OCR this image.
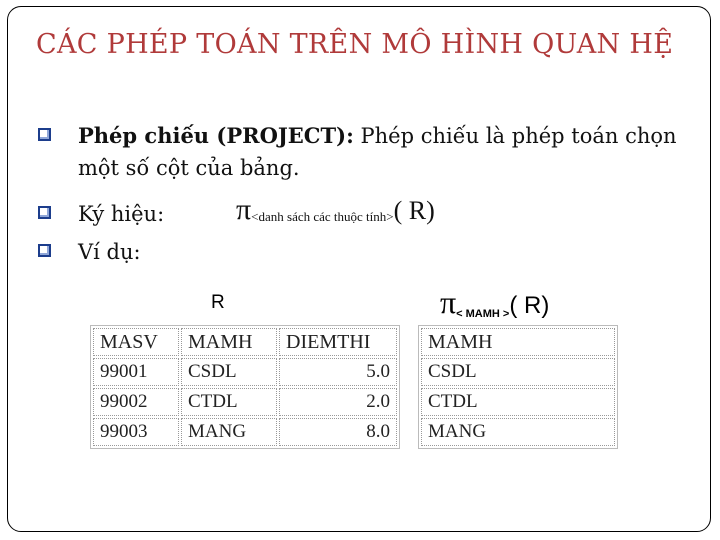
CÁC PHÉP TOÁN TRÊN MÔ HÌNH QUAN HỆ
Phép chiếu (PROJECT): Phép chiếu là phép toán chọn một số cột của bảng.
Ký hiệu: π<danh sách các thuộc tính>( R)
Ví dụ:
R	$\pi_{< MAMH >}$( R)
MASV	MAMH	DIEMTHI
99001	CSDL	5.0
99002	CTDL	2.0
99003	MANG	8.0
MAMH
CSDL
CTDL
MANG
